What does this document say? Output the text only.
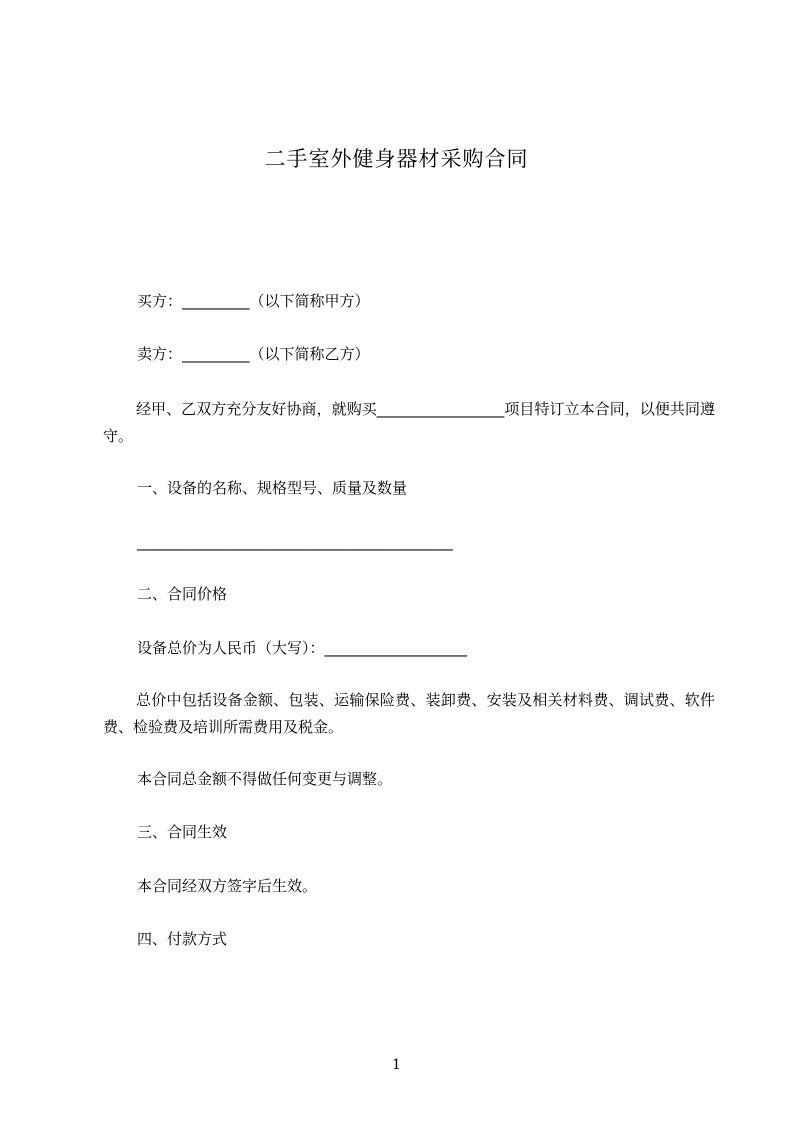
二手室外健身器材采购合同
买方：_________（以下简称甲方）
卖方：_________（以下简称乙方）
经甲、乙双方充分友好协商，就购买_________________项目特订立本合同，以便共同遵守。
一、设备的名称、规格型号、质量及数量
_______________________________________________
二、合同价格
设备总价为人民币（大写）：___________________
总价中包括设备金额、包装、运输保险费、装卸费、安装及相关材料费、调试费、软件费、检验费及培训所需费用及税金。
本合同总金额不得做任何变更与调整。
三、合同生效
本合同经双方签字后生效。
四、付款方式
1
